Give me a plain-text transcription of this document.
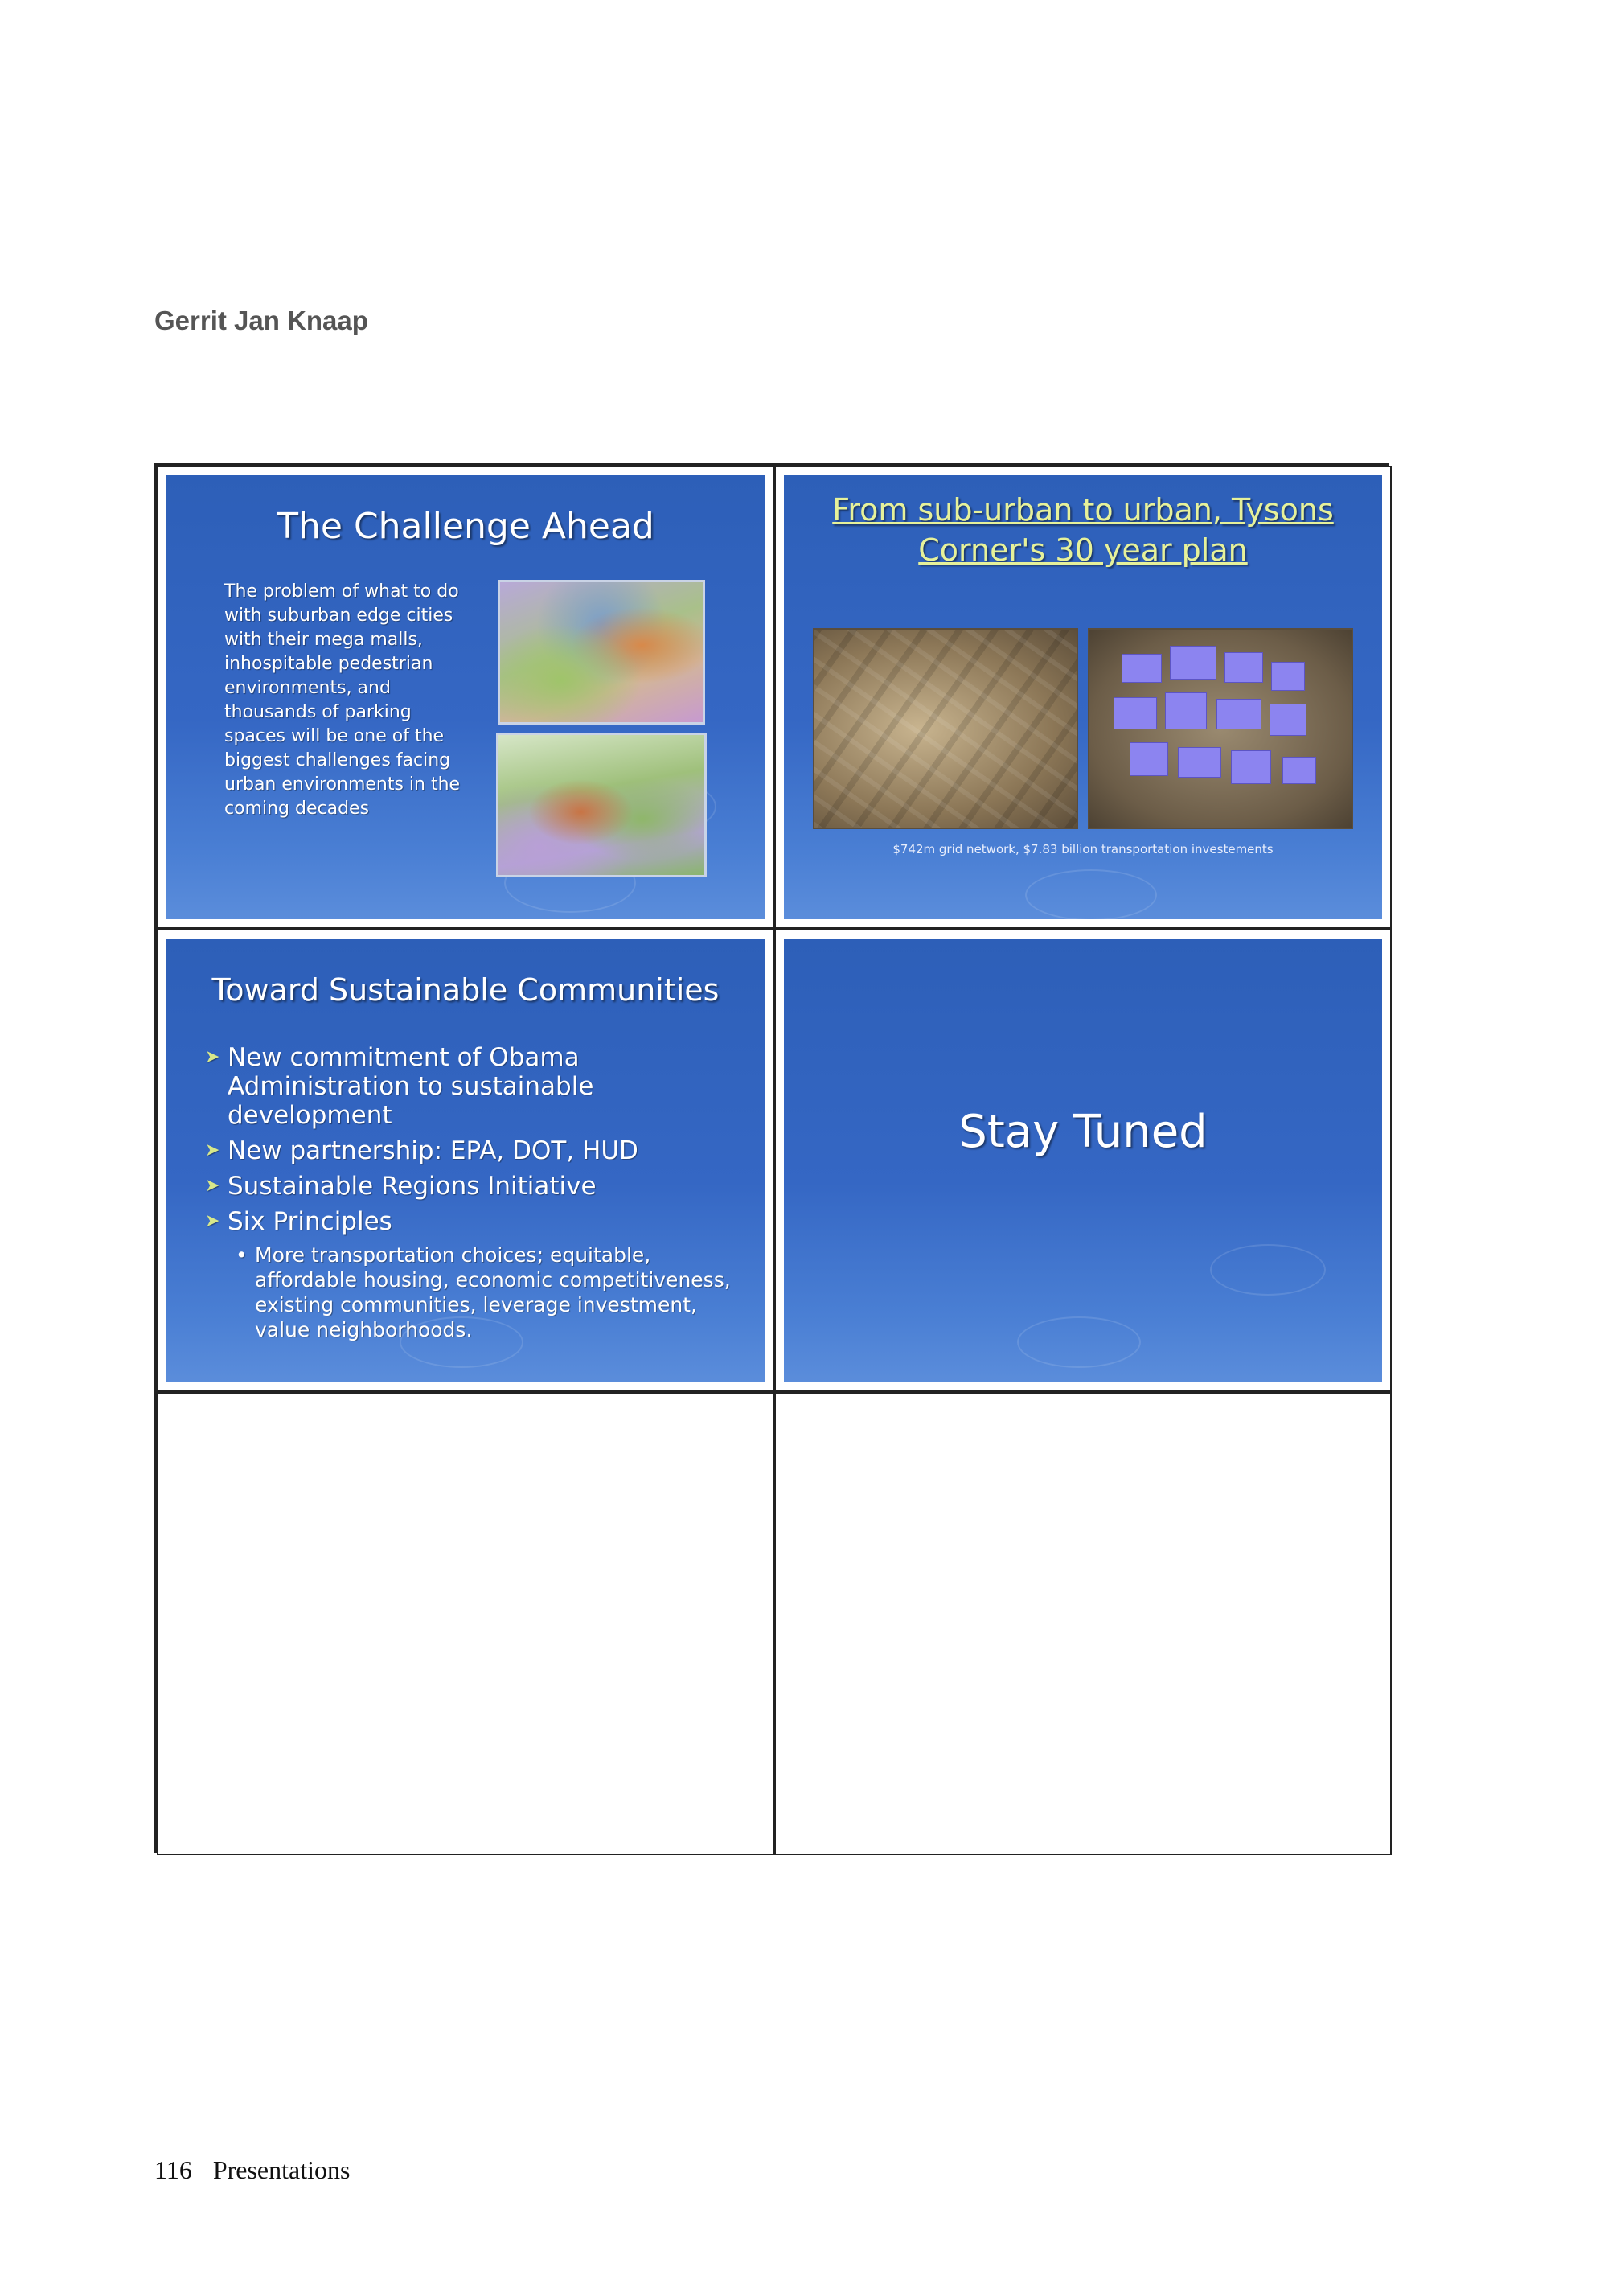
Gerrit Jan Knaap
The Challenge Ahead
The problem of what to do with suburban edge cities with their mega malls, inhospitable pedestrian environments, and thousands of parking spaces will be one of the biggest challenges facing urban environments in the coming decades
From sub-urban to urban, Tysons
Corner's 30 year plan
$742m grid network, $7.83 billion transportation investements
Toward Sustainable Communities
➤ New commitment of Obama Administration to sustainable development
➤ New partnership: EPA, DOT, HUD
➤ Sustainable Regions Initiative
➤ Six Principles
• More transportation choices; equitable, affordable housing, economic competitiveness, existing communities, leverage investment, value neighborhoods.
Stay Tuned
116 Presentations
